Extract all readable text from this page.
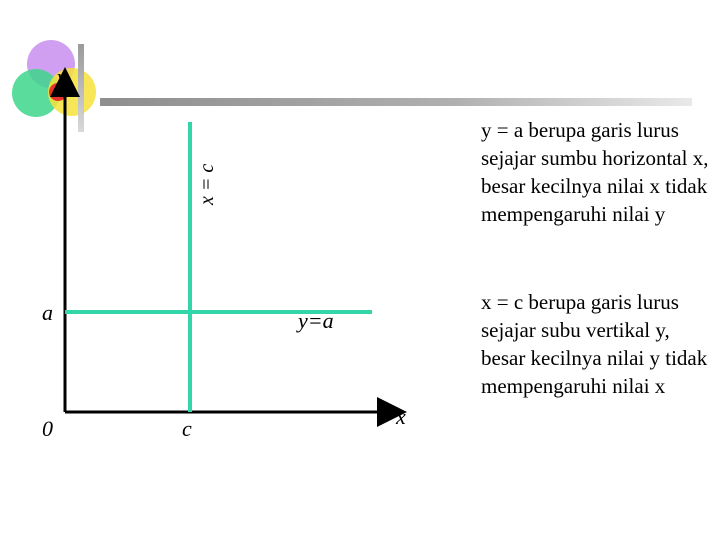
y
x
0
a
c
y=a
x = c
y = a berupa garis lurus sejajar sumbu horizontal x, besar kecilnya nilai x tidak mempengaruhi nilai y
x = c berupa garis lurus sejajar subu vertikal y, besar kecilnya nilai y tidak mempengaruhi nilai x
